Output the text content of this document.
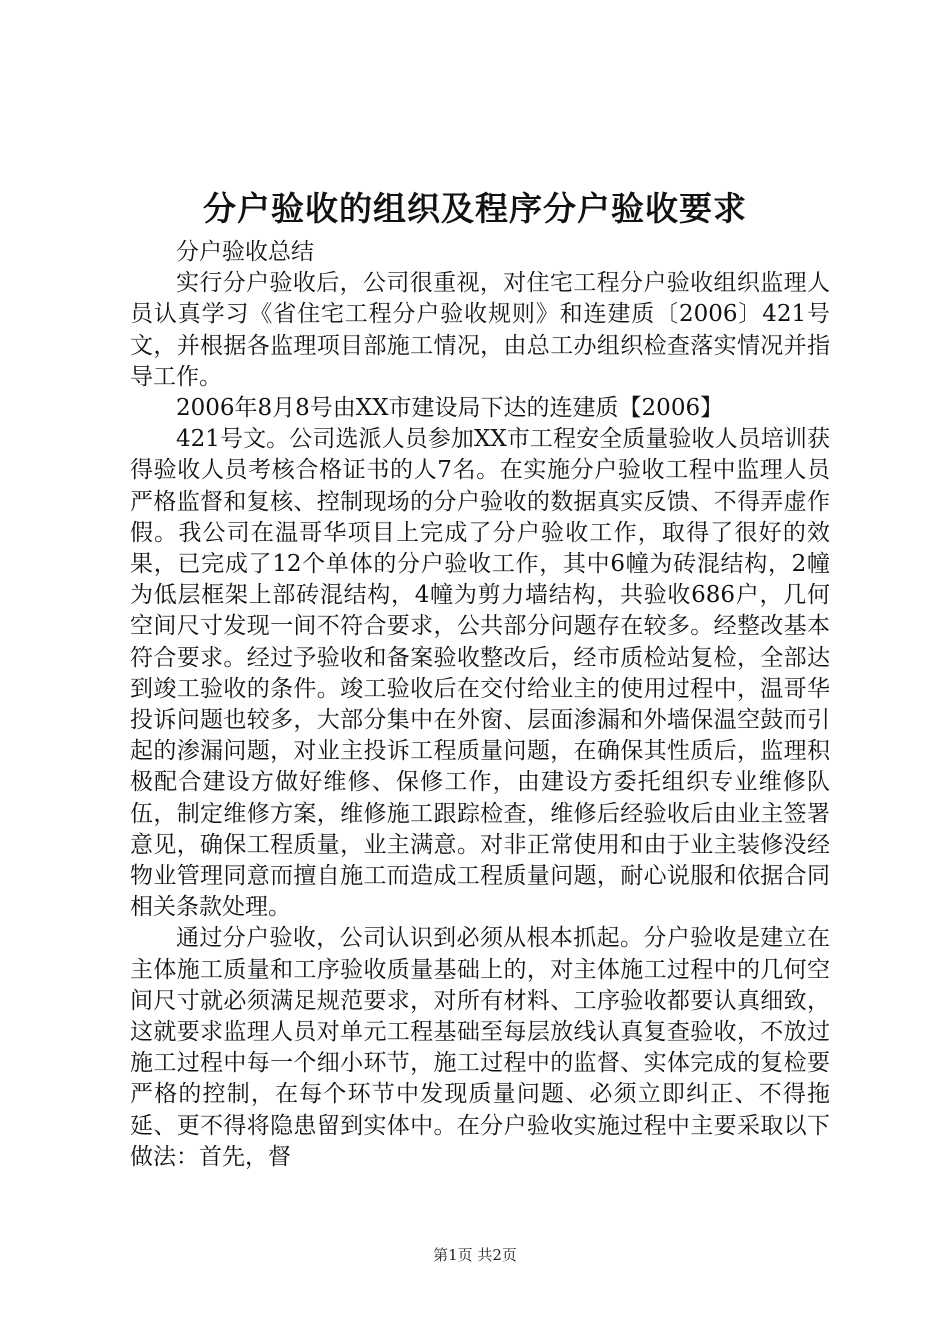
分户验收的组织及程序分户验收要求

分户验收总结

实行分户验收后，公司很重视，对住宅工程分户验收组织监理人员认真学习《省住宅工程分户验收规则》和连建质〔2006〕421号文，并根据各监理项目部施工情况，由总工办组织检查落实情况并指导工作。

2006年8月8号由XX市建设局下达的连建质【2006】

421号文。公司选派人员参加XX市工程安全质量验收人员培训获得验收人员考核合格证书的人7名。在实施分户验收工程中监理人员严格监督和复核、控制现场的分户验收的数据真实反馈、不得弄虚作假。我公司在温哥华项目上完成了分户验收工作，取得了很好的效果，已完成了12个单体的分户验收工作，其中6幢为砖混结构，2幢为低层框架上部砖混结构，4幢为剪力墙结构，共验收686户，几何空间尺寸发现一间不符合要求，公共部分问题存在较多。经整改基本符合要求。经过予验收和备案验收整改后，经市质检站复检，全部达到竣工验收的条件。竣工验收后在交付给业主的使用过程中，温哥华投诉问题也较多，大部分集中在外窗、层面渗漏和外墙保温空鼓而引起的渗漏问题，对业主投诉工程质量问题，在确保其性质后，监理积极配合建设方做好维修、保修工作，由建设方委托组织专业维修队伍，制定维修方案，维修施工跟踪检查，维修后经验收后由业主签署意见，确保工程质量，业主满意。对非正常使用和由于业主装修没经物业管理同意而擅自施工而造成工程质量问题，耐心说服和依据合同相关条款处理。

通过分户验收，公司认识到必须从根本抓起。分户验收是建立在主体施工质量和工序验收质量基础上的，对主体施工过程中的几何空间尺寸就必须满足规范要求，对所有材料、工序验收都要认真细致，这就要求监理人员对单元工程基础至每层放线认真复查验收，不放过施工过程中每一个细小环节，施工过程中的监督、实体完成的复检要严格的控制，在每个环节中发现质量问题、必须立即纠正、不得拖延、更不得将隐患留到实体中。在分户验收实施过程中主要采取以下做法：首先，督

第1页 共2页
